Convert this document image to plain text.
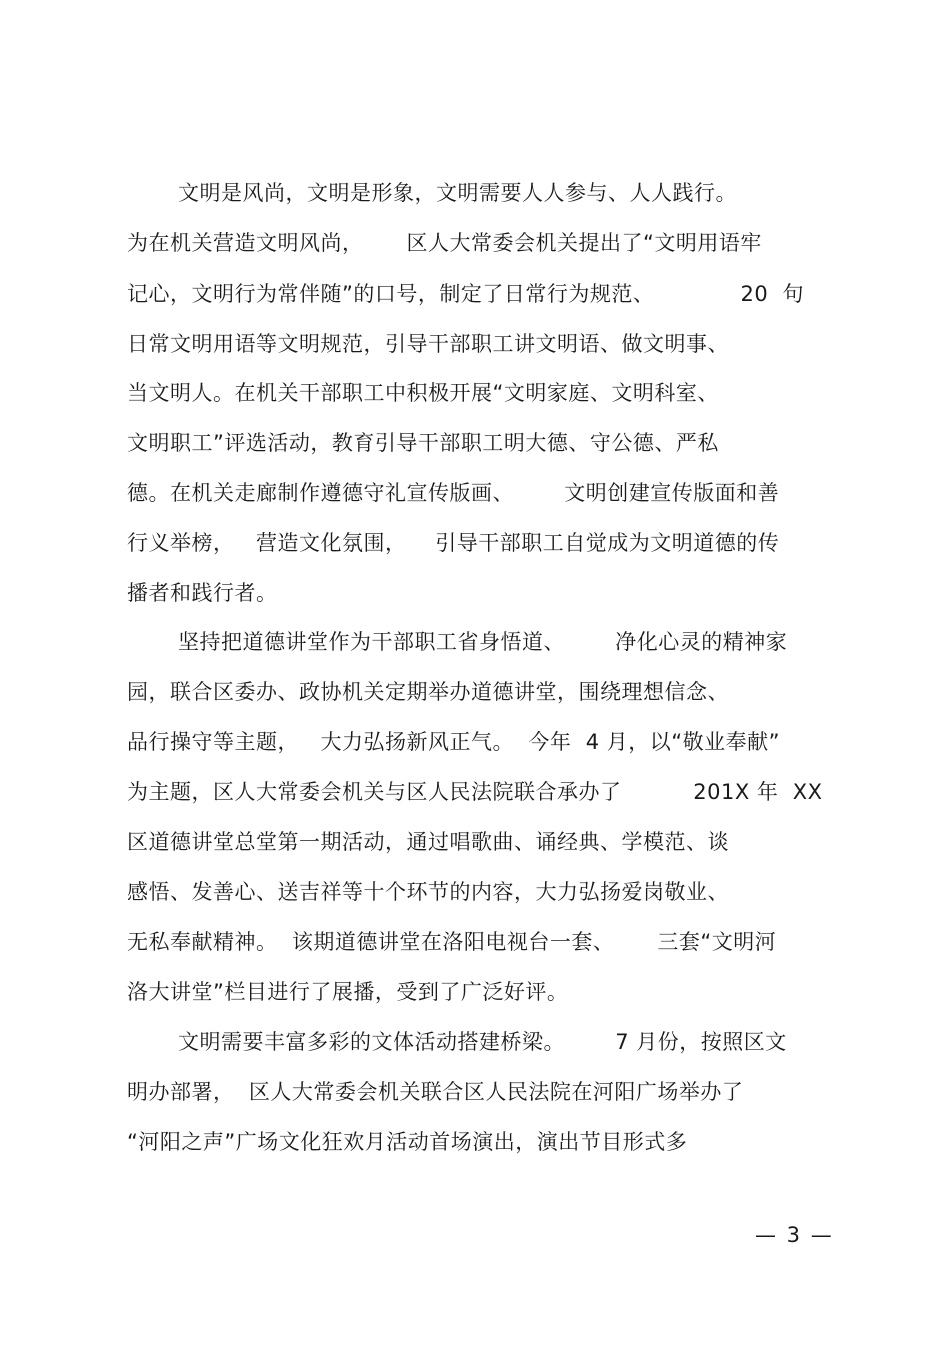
文明是风尚，文明是形象，文明需要人人参与、人人践行。
为在机关营造文明风尚，      区人大常委会机关提出了“文明用语牢
记心，文明行为常伴随”的口号，制定了日常行为规范、            20  句
日常文明用语等文明规范，引导干部职工讲文明语、做文明事、
当文明人。在机关干部职工中积极开展“文明家庭、文明科室、
文明职工”评选活动，教育引导干部职工明大德、守公德、严私
德。在机关走廊制作遵德守礼宣传版画、       文明创建宣传版面和善
行义举榜，   营造文化氛围，    引导干部职工自觉成为文明道德的传
播者和践行者。
坚持把道德讲堂作为干部职工省身悟道、       净化心灵的精神家
园，联合区委办、政协机关定期举办道德讲堂，围绕理想信念、
品行操守等主题，   大力弘扬新风正气。  今年  4 月，以“敬业奉献”
为主题，区人大常委会机关与区人民法院联合承办了          201X 年  XX
区道德讲堂总堂第一期活动，通过唱歌曲、诵经典、学模范、谈
感悟、发善心、送吉祥等十个环节的内容，大力弘扬爱岗敬业、
无私奉献精神。  该期道德讲堂在洛阳电视台一套、      三套“文明河
洛大讲堂”栏目进行了展播，受到了广泛好评。
文明需要丰富多彩的文体活动搭建桥梁。       7 月份，按照区文
明办部署，  区人大常委会机关联合区人民法院在河阳广场举办了
“河阳之声”广场文化狂欢月活动首场演出，演出节目形式多
— 3 —
